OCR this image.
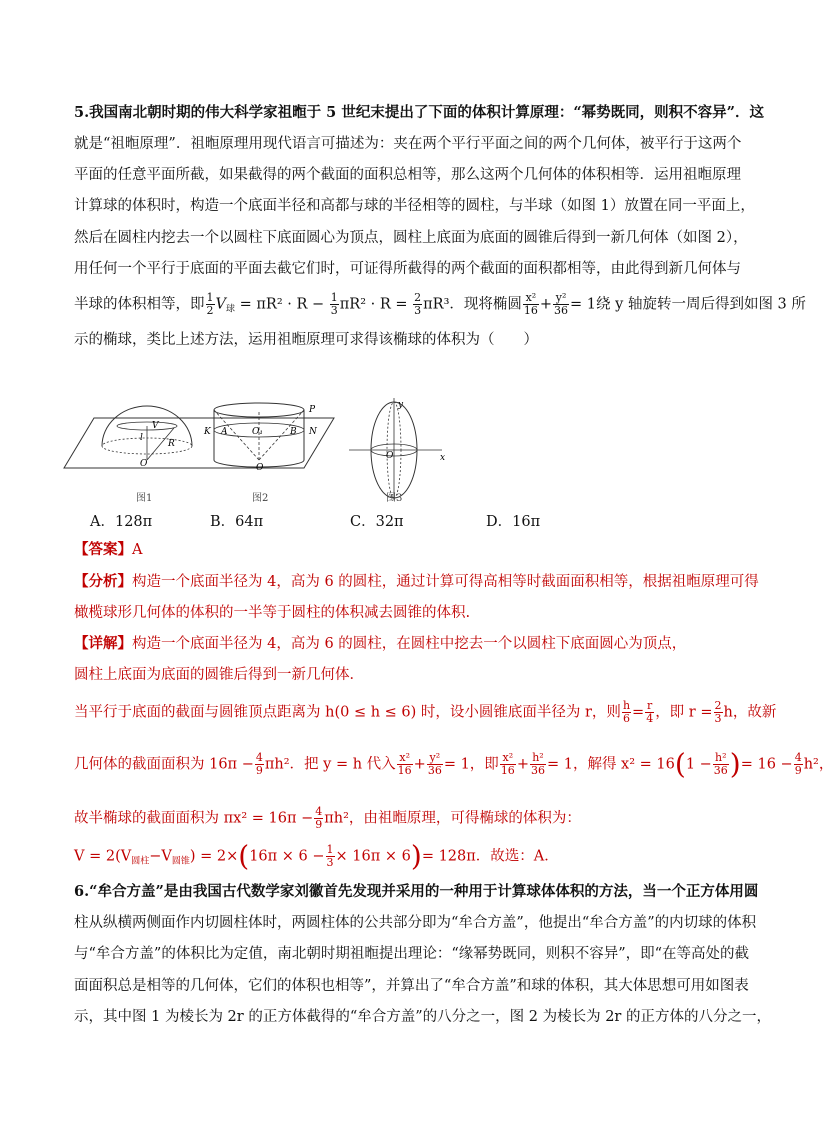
5.我国南北朝时期的伟大科学家祖暅于 5 世纪末提出了下面的体积计算原理：“幂势既同，则积不容异”．这
就是“祖暅原理”．祖暅原理用现代语言可描述为：夹在两个平行平面之间的两个几何体，被平行于这两个
平面的任意平面所截，如果截得的两个截面的面积总相等，那么这两个几何体的体积相等．运用祖暅原理
计算球的体积时，构造一个底面半径和高都与球的半径相等的圆柱，与半球（如图 1）放置在同一平面上，
然后在圆柱内挖去一个以圆柱下底面圆心为顶点，圆柱上底面为底面的圆锥后得到一新几何体（如图 2），
用任何一个平行于底面的平面去截它们时，可证得所截得的两个截面的面积都相等，由此得到新几何体与
半球的体积相等，即 $\frac{1}{2} V_球 = \pi R^2 \cdot R - \frac{1}{3} \pi R^2 \cdot R = \frac{2}{3} \pi R^3$．现将椭圆 $\frac{\text{x²}}{16} + \frac{\text{y²}}{36} = 1$绕 y 轴旋转一周后得到如图 3 所
示的椭球，类比上述方法，运用祖暅原理可求得该椭球的体积为（　　）
V
l
R
O
K A	O₁	B
P
N
O
y
x
O
图1	图2	图3
A．128π	B．64π	C．32π	D．16π
【答案】A
【分析】构造一个底面半径为 4，高为 6 的圆柱，通过计算可得高相等时截面面积相等，根据祖暅原理可得
橄榄球形几何体的体积的一半等于圆柱的体积减去圆锥的体积.
【详解】构造一个底面半径为 4，高为 6 的圆柱，在圆柱中挖去一个以圆柱下底面圆心为顶点，
圆柱上底面为底面的圆锥后得到一新几何体．
当平行于底面的截面与圆锥顶点距离为 h(0 ≤ h ≤ 6) 时，设小圆锥底面半径为 r，则 $\frac{h}{6} = \frac{r}{4}$ ，即 $r = \frac{2}{3}$ h，故新
几何体的截面面积为 $16\pi - \frac{4}{9} \pi h^2$．把 y = h 代入 $\frac{\text{x²}}{16} + \frac{\text{y²}}{36} = 1$，即 $\frac{\text{x²}}{16} + \frac{\text{h²}}{36} = 1$，解得 $x^2 = 16(1 - \frac{\text{h²}}{36}$ )= $16 - \frac{4}{9} h^2$，
故半椭球的截面面积为 $\pi x^2 = 16\pi - \frac{4}{9} \pi h^2$，由祖暅原理，可得椭球的体积为：
$V = 2(V_{圆柱}-V_{圆锥}) = 2\times(16\pi \times 6 - \frac{1}{3} \times 16\pi \times 6)= 128\pi$．故选：A．
6.“牟合方盖”是由我国古代数学家刘徽首先发现并采用的一种用于计算球体体积的方法，当一个正方体用圆
柱从纵横两侧面作内切圆柱体时，两圆柱体的公共部分即为“牟合方盖”，他提出“牟合方盖”的内切球的体积
与“牟合方盖”的体积比为定值，南北朝时期祖暅提出理论：“缘幂势既同，则积不容异”，即“在等高处的截
面面积总是相等的几何体，它们的体积也相等”，并算出了“牟合方盖”和球的体积，其大体思想可用如图表
示，其中图 1 为棱长为 2r 的正方体截得的“牟合方盖”的八分之一，图 2 为棱长为 2r 的正方体的八分之一，
